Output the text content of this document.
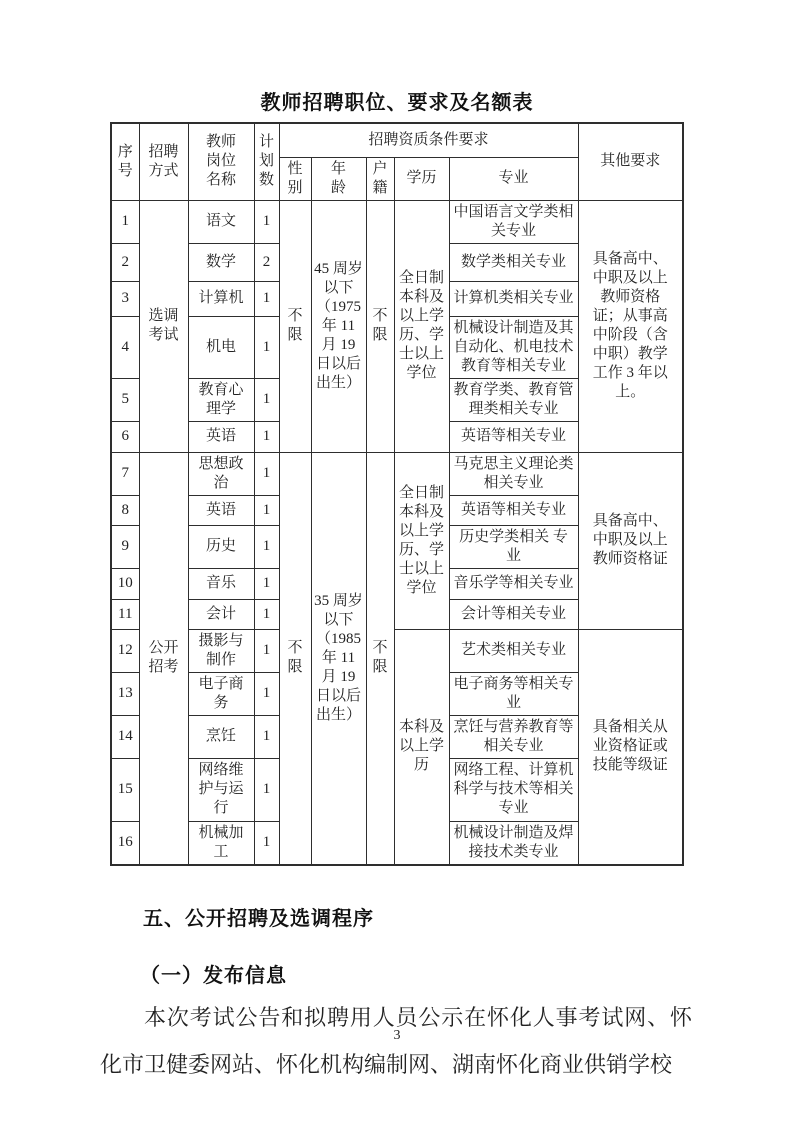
教师招聘职位、要求及名额表
序号	招聘方式	教师岗位名称	计划数	招聘资质条件要求					其他要求
				性别	年龄	户籍	学历	专业	
1	选调考试	语文	1	不限	45 周岁以下（1975 年 11 月 19 日以后出生）	不限	全日制本科及以上学历、学士以上学位	中国语言文学类相关专业	具备高中、中职及以上教师资格证；从事高中阶段（含中职）教学工作 3 年以上。
2		数学	2					数学类相关专业	
3		计算机	1					计算机类相关专业	
4		机电	1					机械设计制造及其自动化、机电技术教育等相关专业	
5		教育心理学	1					教育学类、教育管理类相关专业	
6		英语	1					英语等相关专业	
7	公开招考	思想政治	1	不限	35 周岁以下（1985 年 11 月 19 日以后出生）	不限	全日制本科及以上学历、学士以上学位	马克思主义理论类相关专业	具备高中、中职及以上教师资格证
8		英语	1					英语等相关专业	
9		历史	1					历史学类相关 专业	
10		音乐	1					音乐学等相关专业	
11		会计	1					会计等相关专业	
12		摄影与制作	1				本科及以上学历	艺术类相关专业	具备相关从业资格证或技能等级证
13		电子商务	1					电子商务等相关专业	
14		烹饪	1					烹饪与营养教育等相关专业	
15		网络维护与运行	1					网络工程、计算机科学与技术等相关专业	
16		机械加工	1					机械设计制造及焊接技术类专业	
五、公开招聘及选调程序
（一）发布信息
本次考试公告和拟聘用人员公示在怀化人事考试网、怀化市卫健委网站、怀化机构编制网、湖南怀化商业供销学校
3
